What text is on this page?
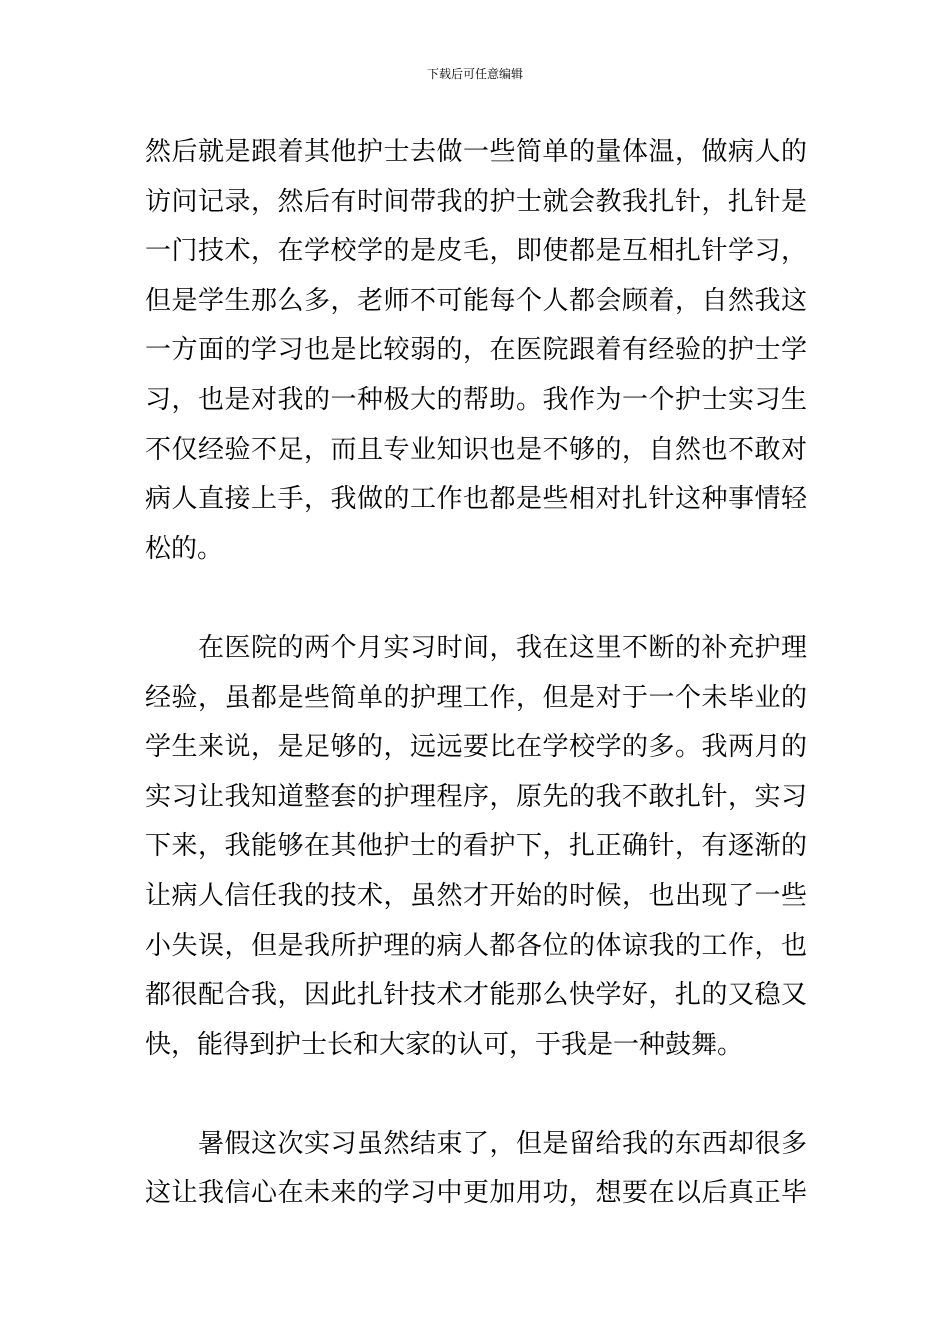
下载后可任意编辑
然后就是跟着其他护士去做一些简单的量体温，做病人的
访问记录，然后有时间带我的护士就会教我扎针，扎针是
一门技术，在学校学的是皮毛，即使都是互相扎针学习，
但是学生那么多，老师不可能每个人都会顾着，自然我这
一方面的学习也是比较弱的，在医院跟着有经验的护士学
习，也是对我的一种极大的帮助。我作为一个护士实习生
不仅经验不足，而且专业知识也是不够的，自然也不敢对
病人直接上手，我做的工作也都是些相对扎针这种事情轻
松的。
　　在医院的两个月实习时间，我在这里不断的补充护理
经验，虽都是些简单的护理工作，但是对于一个未毕业的
学生来说，是足够的，远远要比在学校学的多。我两月的
实习让我知道整套的护理程序，原先的我不敢扎针，实习
下来，我能够在其他护士的看护下，扎正确针，有逐渐的
让病人信任我的技术，虽然才开始的时候，也出现了一些
小失误，但是我所护理的病人都各位的体谅我的工作，也
都很配合我，因此扎针技术才能那么快学好，扎的又稳又
快，能得到护士长和大家的认可，于我是一种鼓舞。
　　暑假这次实习虽然结束了，但是留给我的东西却很多
这让我信心在未来的学习中更加用功，想要在以后真正毕
